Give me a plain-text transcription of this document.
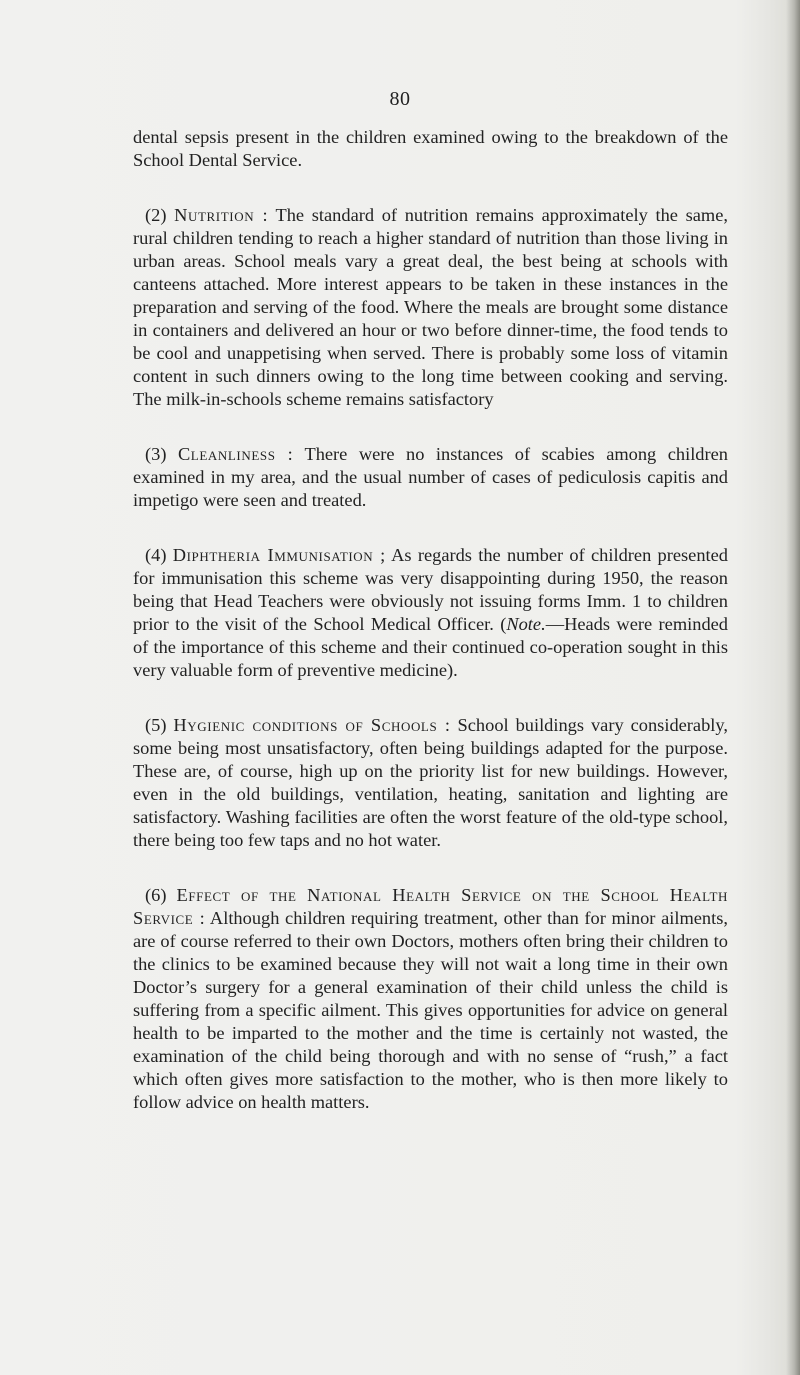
80

dental sepsis present in the children examined owing to the breakdown of the School Dental Service.

(2) Nutrition : The standard of nutrition remains approximately the same, rural children tending to reach a higher standard of nutrition than those living in urban areas. School meals vary a great deal, the best being at schools with canteens attached. More interest appears to be taken in these instances in the preparation and serving of the food. Where the meals are brought some distance in containers and delivered an hour or two before dinner-time, the food tends to be cool and unappetising when served. There is probably some loss of vitamin content in such dinners owing to the long time between cooking and serving. The milk-in-schools scheme remains satisfactory

(3) Cleanliness : There were no instances of scabies among children examined in my area, and the usual number of cases of pediculosis capitis and impetigo were seen and treated.

(4) Diphtheria Immunisation ; As regards the number of children presented for immunisation this scheme was very disappointing during 1950, the reason being that Head Teachers were obviously not issuing forms Imm. 1 to children prior to the visit of the School Medical Officer. (Note.—Heads were reminded of the importance of this scheme and their continued co-operation sought in this very valuable form of preventive medicine).

(5) Hygienic conditions of Schools : School buildings vary considerably, some being most unsatisfactory, often being buildings adapted for the purpose. These are, of course, high up on the priority list for new buildings. However, even in the old buildings, ventilation, heating, sanitation and lighting are satisfactory. Washing facilities are often the worst feature of the old-type school, there being too few taps and no hot water.

(6) Effect of the National Health Service on the School Health Service : Although children requiring treatment, other than for minor ailments, are of course referred to their own Doctors, mothers often bring their children to the clinics to be examined because they will not wait a long time in their own Doctor’s surgery for a general examination of their child unless the child is suffering from a specific ailment. This gives opportunities for advice on general health to be imparted to the mother and the time is certainly not wasted, the examination of the child being thorough and with no sense of “rush,” a fact which often gives more satisfaction to the mother, who is then more likely to follow advice on health matters.
